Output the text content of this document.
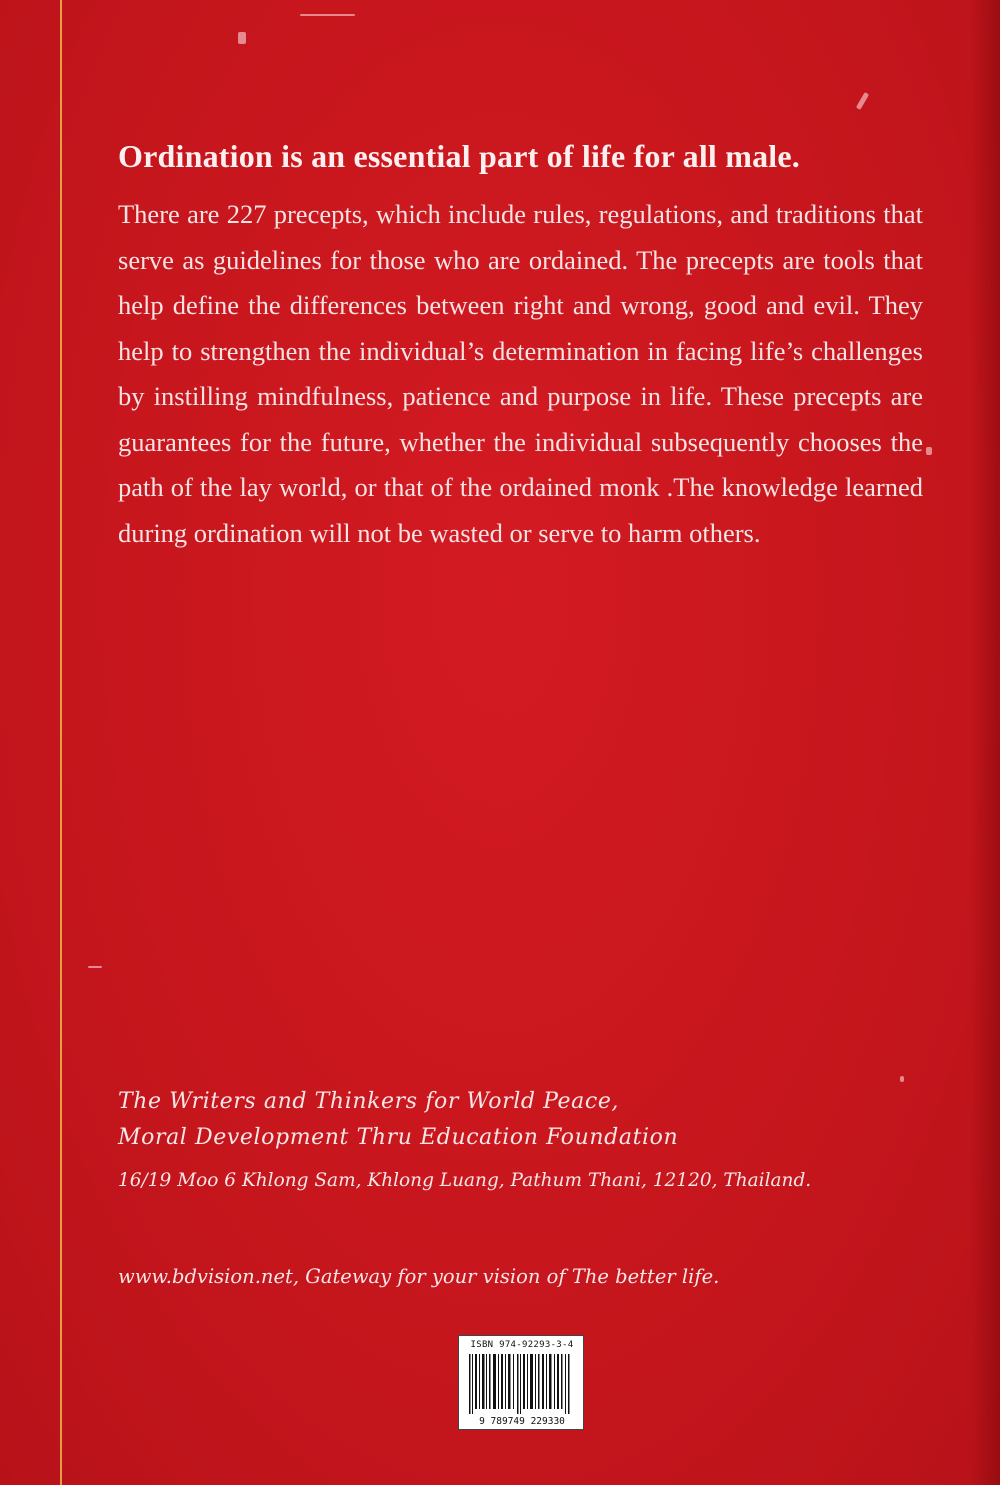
Ordination is an essential part of life for all male.

There are 227 precepts, which include rules, regulations, and traditions that serve as guidelines for those who are ordained. The precepts are tools that help define the differences between right and wrong, good and evil. They help to strengthen the individual’s determination in facing life’s challenges by instilling mindfulness, patience and purpose in life. These precepts are guarantees for the future, whether the individual subsequently chooses the path of the lay world, or that of the ordained monk .The knowledge learned during ordination will not be wasted or serve to harm others.

The Writers and Thinkers for World Peace,
Moral Development Thru Education Foundation
16/19 Moo 6 Khlong Sam, Khlong Luang, Pathum Thani, 12120, Thailand.
www.bdvision.net, Gateway for your vision of The better life.
ISBN 974-92293-3-4
9 789749 229330
